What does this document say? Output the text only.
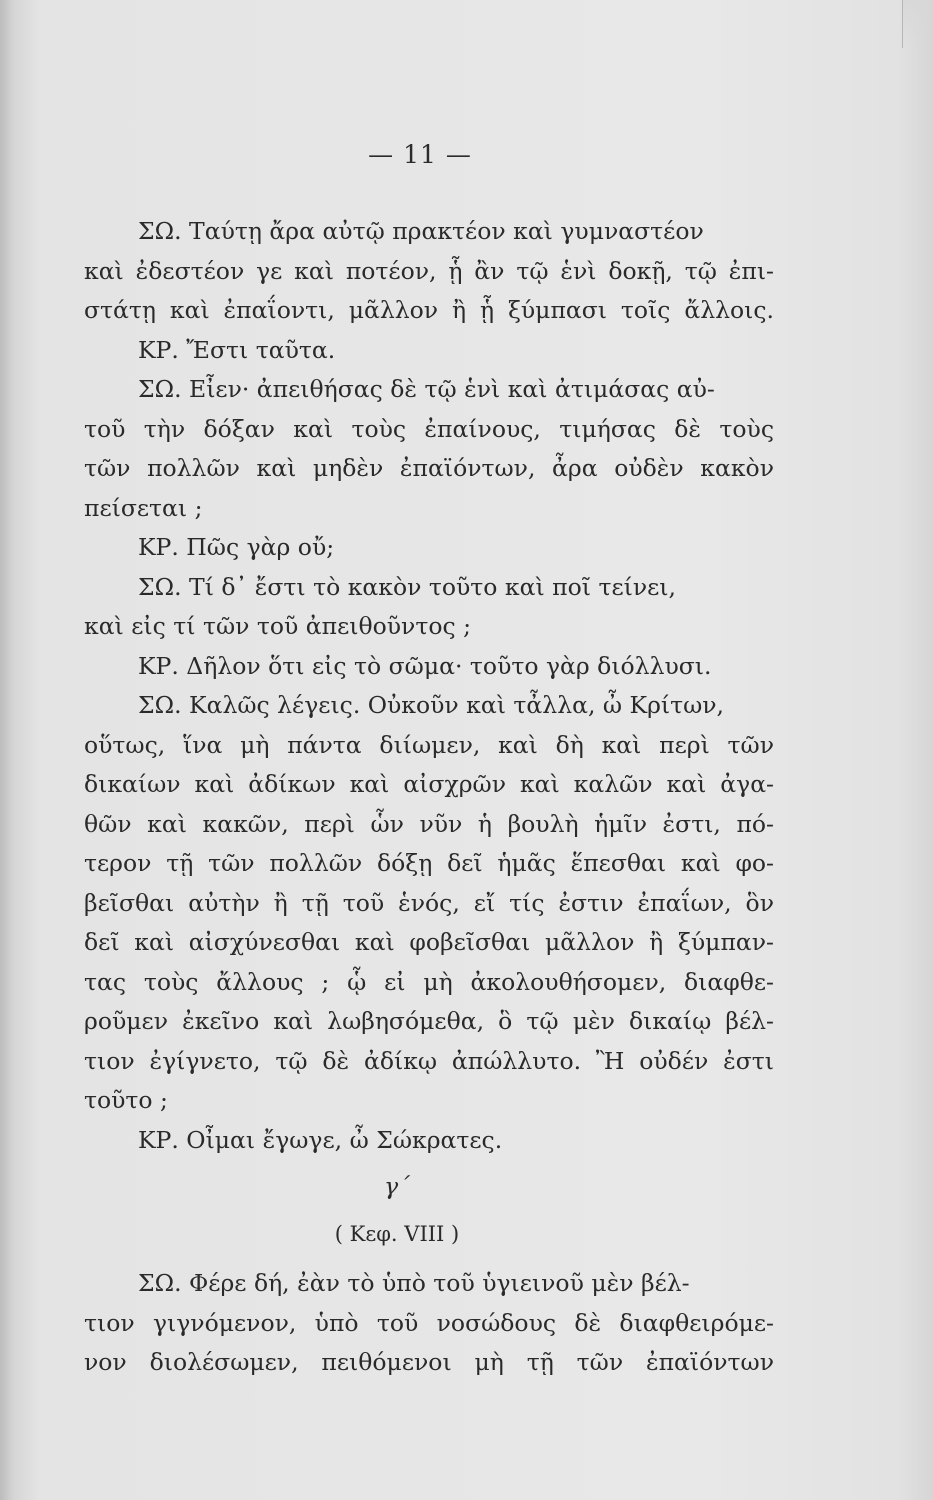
— 11 —
ΣΩ. Ταύτῃ ἄρα αὐτῷ πρακτέον καὶ γυμναστέον
καὶ ἐδεστέον γε καὶ ποτέον, ᾗ ἂν τῷ ἑνὶ δοκῇ, τῷ ἐπι-
στάτῃ καὶ ἐπαΐοντι, μᾶλλον ἢ ᾗ ξύμπασι τοῖς ἄλλοις.
ΚΡ. Ἔστι ταῦτα.
ΣΩ. Εἶεν· ἀπειθήσας δὲ τῷ ἑνὶ καὶ ἀτιμάσας αὐ-
τοῦ τὴν δόξαν καὶ τοὺς ἐπαίνους, τιμήσας δὲ τοὺς
τῶν πολλῶν καὶ μηδὲν ἐπαϊόντων, ἆρα οὐδὲν κακὸν
πείσεται ;
ΚΡ. Πῶς γὰρ οὔ;
ΣΩ. Τί δ᾽ ἔστι τὸ κακὸν τοῦτο καὶ ποῖ τείνει,
καὶ εἰς τί τῶν τοῦ ἀπειθοῦντος ;
ΚΡ. Δῆλον ὅτι εἰς τὸ σῶμα· τοῦτο γὰρ διόλλυσι.
ΣΩ. Καλῶς λέγεις. Οὐκοῦν καὶ τἆλλα, ὦ Κρίτων,
οὕτως, ἵνα μὴ πάντα διίωμεν, καὶ δὴ καὶ περὶ τῶν
δικαίων καὶ ἀδίκων καὶ αἰσχρῶν καὶ καλῶν καὶ ἀγα-
θῶν καὶ κακῶν, περὶ ὧν νῦν ἡ βουλὴ ἡμῖν ἐστι, πό-
τερον τῇ τῶν πολλῶν δόξῃ δεῖ ἡμᾶς ἕπεσθαι καὶ φο-
βεῖσθαι αὐτὴν ἢ τῇ τοῦ ἑνός, εἴ τίς ἐστιν ἐπαΐων, ὃν
δεῖ καὶ αἰσχύνεσθαι καὶ φοβεῖσθαι μᾶλλον ἢ ξύμπαν-
τας τοὺς ἄλλους ; ᾧ εἰ μὴ ἀκολουθήσομεν, διαφθε-
ροῦμεν ἐκεῖνο καὶ λωβησόμεθα, ὃ τῷ μὲν δικαίῳ βέλ-
τιον ἐγίγνετο, τῷ δὲ ἀδίκῳ ἀπώλλυτο. Ἢ οὐδέν ἐστι
τοῦτο ;
ΚΡ. Οἶμαι ἔγωγε, ὦ Σώκρατες.
γ΄
( Κεφ. VIII )
ΣΩ. Φέρε δή, ἐὰν τὸ ὑπὸ τοῦ ὑγιεινοῦ μὲν βέλ-
τιον γιγνόμενον, ὑπὸ τοῦ νοσώδους δὲ διαφθειρόμε-
νον διολέσωμεν, πειθόμενοι μὴ τῇ τῶν ἐπαϊόντων
